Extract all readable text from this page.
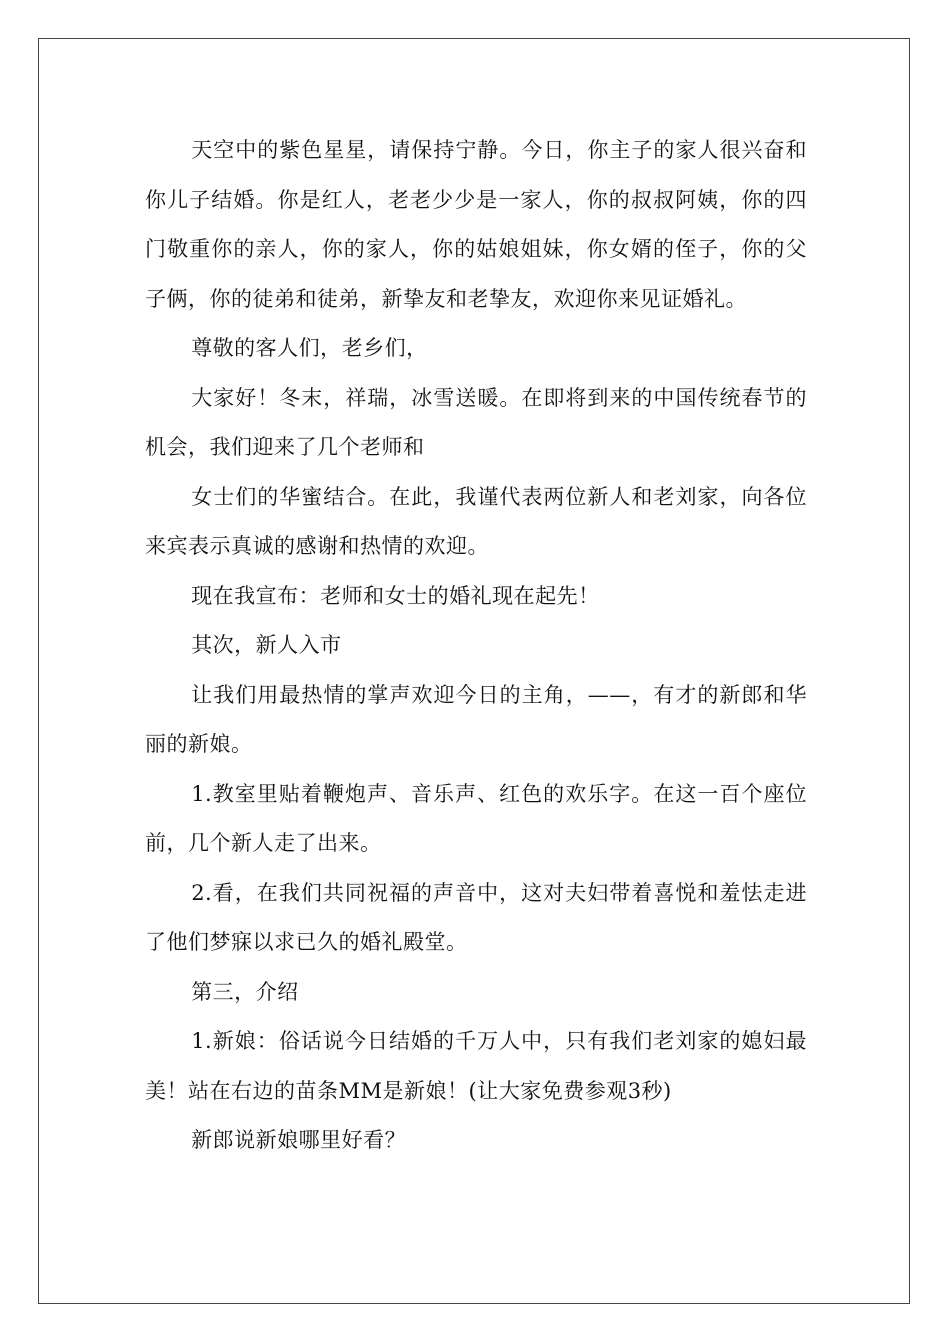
天空中的紫色星星，请保持宁静。今日，你主子的家人很兴奋和你儿子结婚。你是红人，老老少少是一家人，你的叔叔阿姨，你的四门敬重你的亲人，你的家人，你的姑娘姐妹，你女婿的侄子，你的父子俩，你的徒弟和徒弟，新挚友和老挚友，欢迎你来见证婚礼。

尊敬的客人们，老乡们，

大家好！冬末，祥瑞，冰雪送暖。在即将到来的中国传统春节的机会，我们迎来了几个老师和

女士们的华蜜结合。在此，我谨代表两位新人和老刘家，向各位来宾表示真诚的感谢和热情的欢迎。

现在我宣布：老师和女士的婚礼现在起先！

其次，新人入市

让我们用最热情的掌声欢迎今日的主角，——，有才的新郎和华丽的新娘。

1.教室里贴着鞭炮声、音乐声、红色的欢乐字。在这一百个座位前，几个新人走了出来。

2.看，在我们共同祝福的声音中，这对夫妇带着喜悦和羞怯走进了他们梦寐以求已久的婚礼殿堂。

第三，介绍

1.新娘：俗话说今日结婚的千万人中，只有我们老刘家的媳妇最美！站在右边的苗条MM是新娘！(让大家免费参观3秒)

新郎说新娘哪里好看？
